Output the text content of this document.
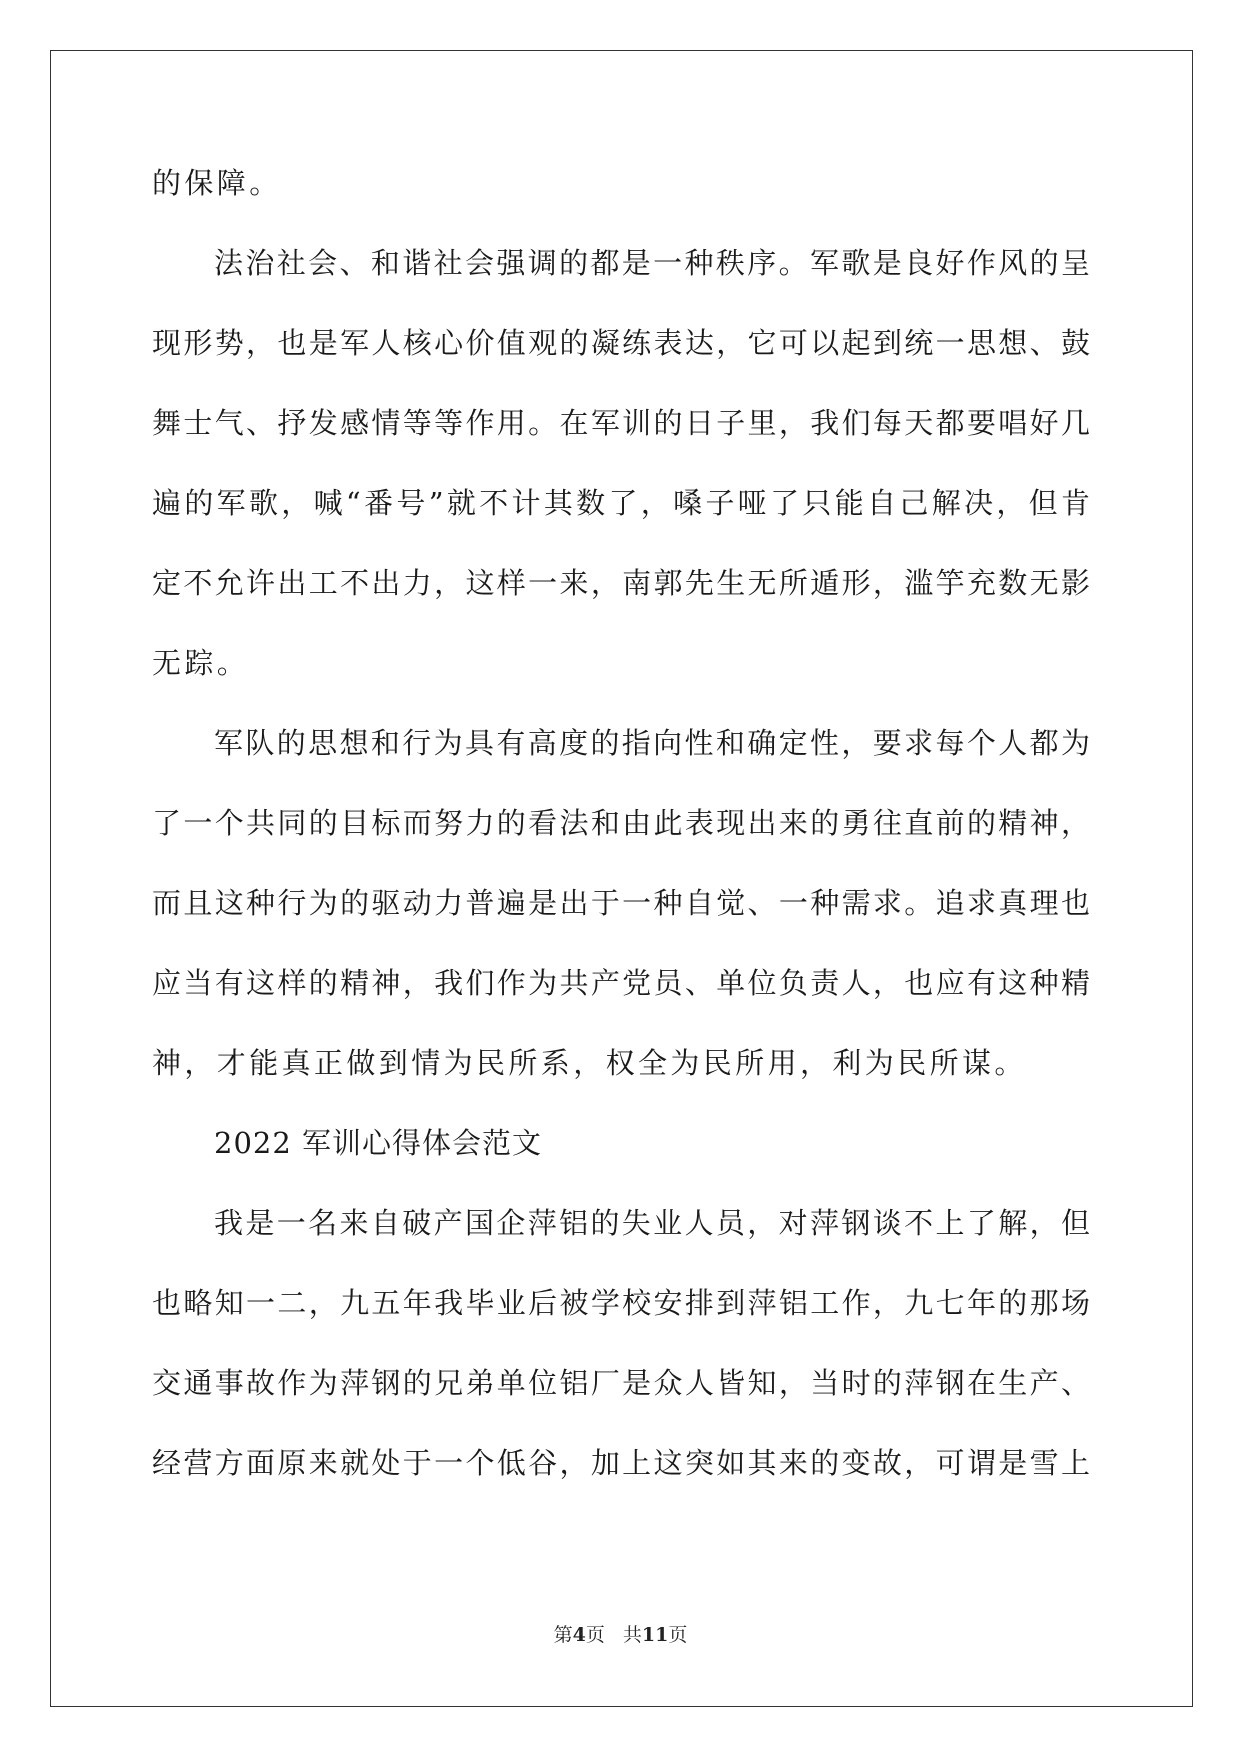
的保障。
法治社会、和谐社会强调的都是一种秩序。军歌是良好作风的呈
现形势，也是军人核心价值观的凝练表达，它可以起到统一思想、鼓
舞士气、抒发感情等等作用。在军训的日子里，我们每天都要唱好几
遍的军歌，喊“番号”就不计其数了，嗓子哑了只能自己解决，但肯
定不允许出工不出力，这样一来，南郭先生无所遁形，滥竽充数无影
无踪。
军队的思想和行为具有高度的指向性和确定性，要求每个人都为
了一个共同的目标而努力的看法和由此表现出来的勇往直前的精神，
而且这种行为的驱动力普遍是出于一种自觉、一种需求。追求真理也
应当有这样的精神，我们作为共产党员、单位负责人，也应有这种精
神，才能真正做到情为民所系，权全为民所用，利为民所谋。
2022 军训心得体会范文
我是一名来自破产国企萍铝的失业人员，对萍钢谈不上了解，但
也略知一二，九五年我毕业后被学校安排到萍铝工作，九七年的那场
交通事故作为萍钢的兄弟单位铝厂是众人皆知，当时的萍钢在生产、
经营方面原来就处于一个低谷，加上这突如其来的变故，可谓是雪上
第4页 共11页
